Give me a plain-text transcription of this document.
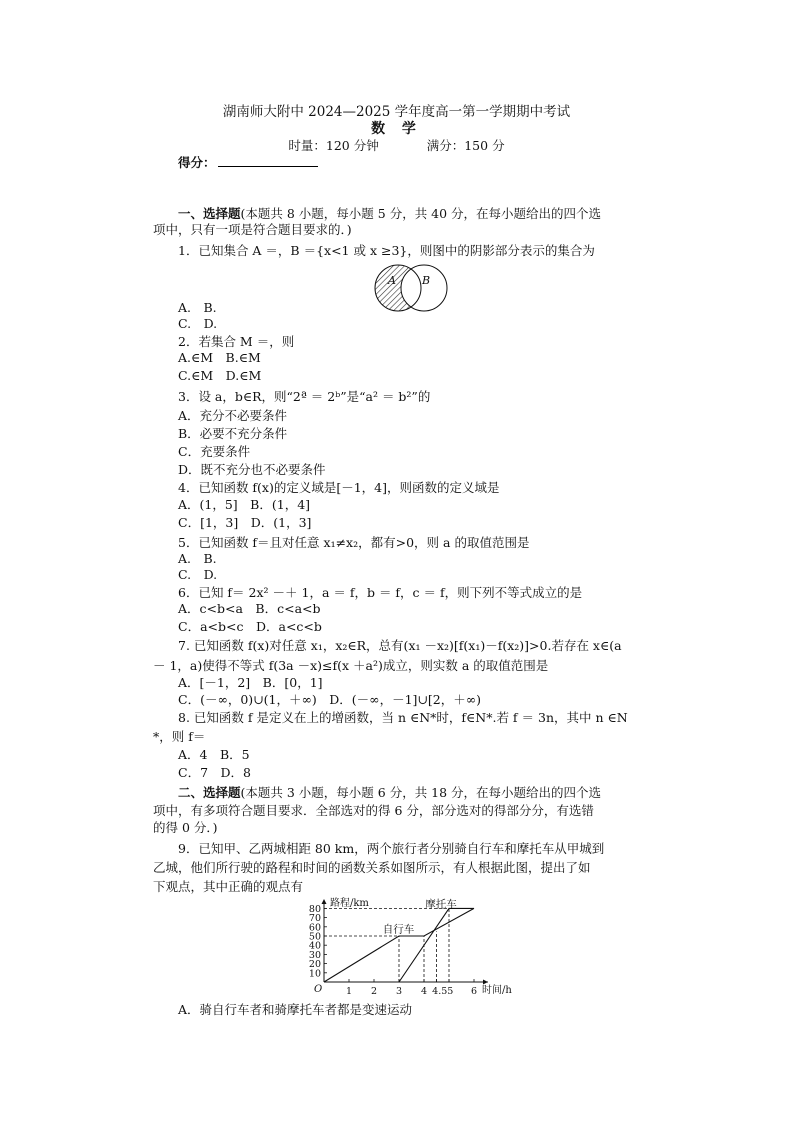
湖南师大附中 2024—2025 学年度高一第一学期期中考试
数 学
时量：120 分钟	满分：150 分
得分：
一、选择题(本题共 8 小题，每小题 5 分，共 40 分，在每小题给出的四个选
项中，只有一项是符合题目要求的．)
1．已知集合 A ＝，B ＝{x<1 或 x ≥3}，则图中的阴影部分表示的集合为
A B
A.　B.
C.　D.
2．若集合 M ＝，则
A.∈M　B.∈M
C.∈M　D.∈M
3．设 a，b∈R，则“2ª ＝ 2ᵇ”是“a² ＝ b²”的
A．充分不必要条件
B．必要不充分条件
C．充要条件
D．既不充分也不必要条件
4．已知函数 f(x)的定义域是[－1，4]，则函数的定义域是
A．(1，5]　B．(1，4]
C．[1，3]　D．(1，3]
5．已知函数 f＝且对任意 x₁≠x₂，都有>0，则 a 的取值范围是
A.　B.
C.　D.
6．已知 f＝ 2x² －＋ 1，a ＝ f，b ＝ f，c ＝ f，则下列不等式成立的是
A．c<b<a　B．c<a<b
C．a<b<c　D．a<c<b
7. 已知函数 f(x)对任意 x₁，x₂∈R，总有(x₁ －x₂)[f(x₁)－f(x₂)]>0.若存在 x∈(a
－ 1，a)使得不等式 f(3a －x)≤f(x ＋a²)成立，则实数 a 的取值范围是
A．[－1，2]　B．[0，1]
C．(－∞，0)∪(1，＋∞)　D．(－∞，－1]∪[2，＋∞)
8. 已知函数 f 是定义在上的增函数，当 n ∈N*时，f∈N*.若 f ＝ 3n，其中 n ∈N
*，则 f＝
A．4　B．5
C．7　D．8
二、选择题(本题共 3 小题，每小题 6 分，共 18 分，在每小题给出的四个选
项中，有多项符合题目要求．全部选对的得 6 分，部分选对的得部分分，有选错
的得 0 分．)
9．已知甲、乙两城相距 80 km，两个旅行者分别骑自行车和摩托车从甲城到
乙城，他们所行驶的路程和时间的函数关系如图所示，有人根据此图，提出了如
下观点，其中正确的观点有
路程/km
时间/h
O
10
20
30
40
50
60
70
80
1 2 3 4 4.55 6
自行车
摩托车
A．骑自行车者和骑摩托车者都是变速运动
